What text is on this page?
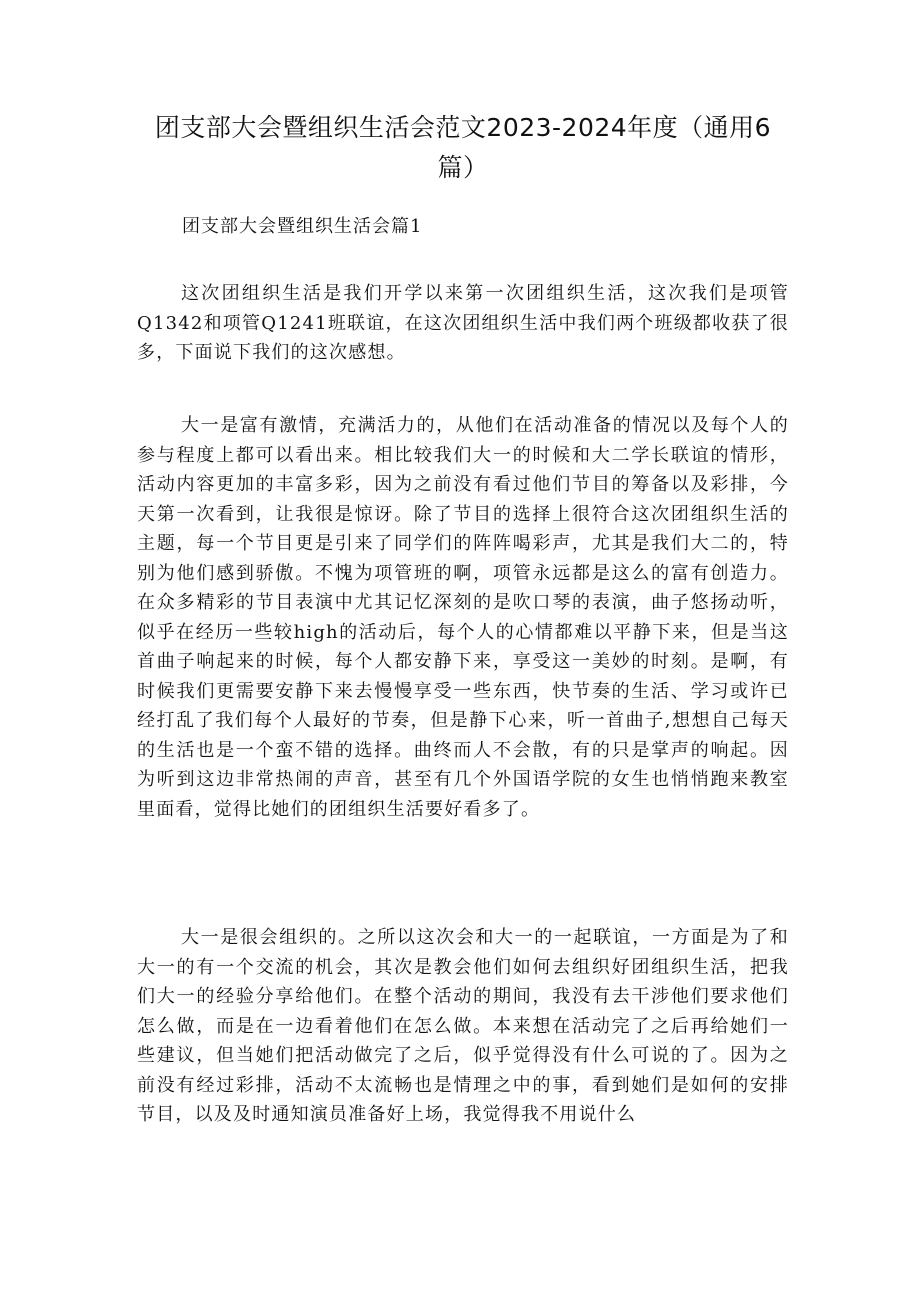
团支部大会暨组织生活会范文2023-2024年度（通用6篇）

团支部大会暨组织生活会篇1

这次团组织生活是我们开学以来第一次团组织生活，这次我们是项管Q1342和项管Q1241班联谊，在这次团组织生活中我们两个班级都收获了很多，下面说下我们的这次感想。

大一是富有激情，充满活力的，从他们在活动准备的情况以及每个人的参与程度上都可以看出来。相比较我们大一的时候和大二学长联谊的情形，活动内容更加的丰富多彩，因为之前没有看过他们节目的筹备以及彩排，今天第一次看到，让我很是惊讶。除了节目的选择上很符合这次团组织生活的主题，每一个节目更是引来了同学们的阵阵喝彩声，尤其是我们大二的，特别为他们感到骄傲。不愧为项管班的啊，项管永远都是这么的富有创造力。在众多精彩的节目表演中尤其记忆深刻的是吹口琴的表演，曲子悠扬动听，似乎在经历一些较high的活动后，每个人的心情都难以平静下来，但是当这首曲子响起来的时候，每个人都安静下来，享受这一美妙的时刻。是啊，有时候我们更需要安静下来去慢慢享受一些东西，快节奏的生活、学习或许已经打乱了我们每个人最好的节奏，但是静下心来，听一首曲子,想想自己每天的生活也是一个蛮不错的选择。曲终而人不会散，有的只是掌声的响起。因为听到这边非常热闹的声音，甚至有几个外国语学院的女生也悄悄跑来教室里面看，觉得比她们的团组织生活要好看多了。

大一是很会组织的。之所以这次会和大一的一起联谊，一方面是为了和大一的有一个交流的机会，其次是教会他们如何去组织好团组织生活，把我们大一的经验分享给他们。在整个活动的期间，我没有去干涉他们要求他们怎么做，而是在一边看着他们在怎么做。本来想在活动完了之后再给她们一些建议，但当她们把活动做完了之后，似乎觉得没有什么可说的了。因为之前没有经过彩排，活动不太流畅也是情理之中的事，看到她们是如何的安排节目，以及及时通知演员准备好上场，我觉得我不用说什么
